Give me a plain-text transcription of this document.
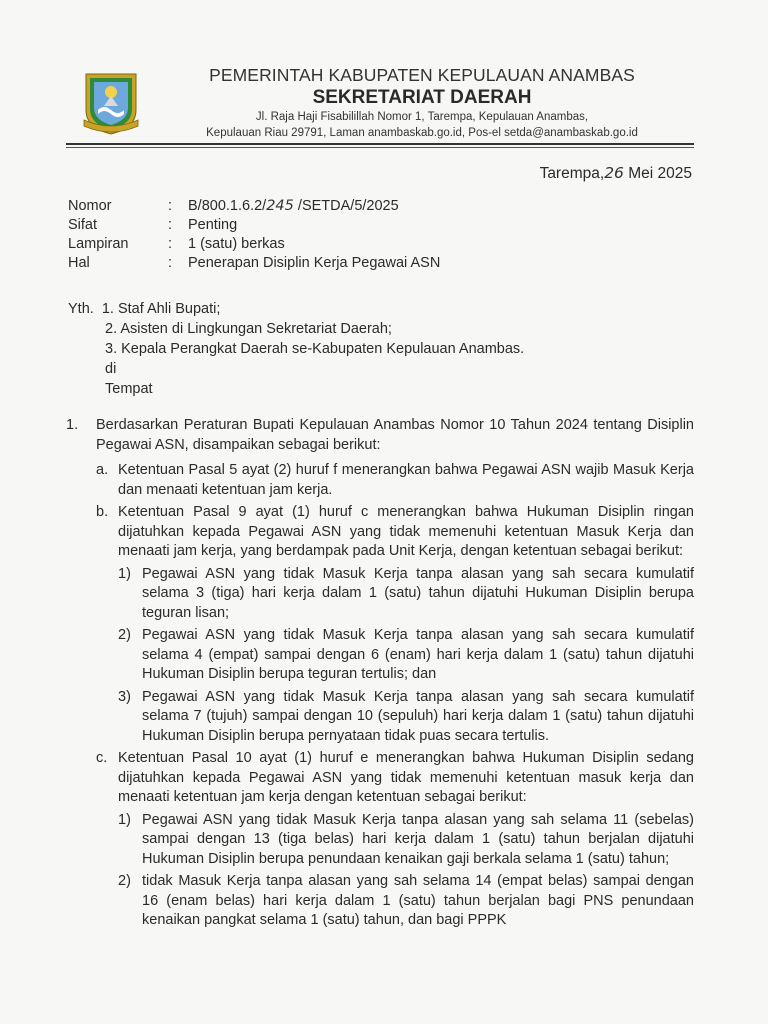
PEMERINTAH KABUPATEN KEPULAUAN ANAMBAS
SEKRETARIAT DAERAH
Jl. Raja Haji Fisabilillah Nomor 1, Tarempa, Kepulauan Anambas,
Kepulauan Riau 29791, Laman anambaskab.go.id, Pos-el setda@anambaskab.go.id
Tarempa,26 Mei 2025
Nomor	:	B/800.1.6.2/245 /SETDA/5/2025
Sifat	:	Penting
Lampiran	:	1 (satu) berkas
Hal	:	Penerapan Disiplin Kerja Pegawai ASN
Yth. 1. Staf Ahli Bupati;
2. Asisten di Lingkungan Sekretariat Daerah;
3. Kepala Perangkat Daerah se-Kabupaten Kepulauan Anambas.
di
Tempat
1.	Berdasarkan Peraturan Bupati Kepulauan Anambas Nomor 10 Tahun 2024 tentang Disiplin Pegawai ASN, disampaikan sebagai berikut:
a. Ketentuan Pasal 5 ayat (2) huruf f menerangkan bahwa Pegawai ASN wajib Masuk Kerja dan menaati ketentuan jam kerja.
b. Ketentuan Pasal 9 ayat (1) huruf c menerangkan bahwa Hukuman Disiplin ringan dijatuhkan kepada Pegawai ASN yang tidak memenuhi ketentuan Masuk Kerja dan menaati jam kerja, yang berdampak pada Unit Kerja, dengan ketentuan sebagai berikut:
1) Pegawai ASN yang tidak Masuk Kerja tanpa alasan yang sah secara kumulatif selama 3 (tiga) hari kerja dalam 1 (satu) tahun dijatuhi Hukuman Disiplin berupa teguran lisan;
2) Pegawai ASN yang tidak Masuk Kerja tanpa alasan yang sah secara kumulatif selama 4 (empat) sampai dengan 6 (enam) hari kerja dalam 1 (satu) tahun dijatuhi Hukuman Disiplin berupa teguran tertulis; dan
3) Pegawai ASN yang tidak Masuk Kerja tanpa alasan yang sah secara kumulatif selama 7 (tujuh) sampai dengan 10 (sepuluh) hari kerja dalam 1 (satu) tahun dijatuhi Hukuman Disiplin berupa pernyataan tidak puas secara tertulis.
c. Ketentuan Pasal 10 ayat (1) huruf e menerangkan bahwa Hukuman Disiplin sedang dijatuhkan kepada Pegawai ASN yang tidak memenuhi ketentuan masuk kerja dan menaati ketentuan jam kerja dengan ketentuan sebagai berikut:
1) Pegawai ASN yang tidak Masuk Kerja tanpa alasan yang sah selama 11 (sebelas) sampai dengan 13 (tiga belas) hari kerja dalam 1 (satu) tahun berjalan dijatuhi Hukuman Disiplin berupa penundaan kenaikan gaji berkala selama 1 (satu) tahun;
2) tidak Masuk Kerja tanpa alasan yang sah selama 14 (empat belas) sampai dengan 16 (enam belas) hari kerja dalam 1 (satu) tahun berjalan bagi PNS penundaan kenaikan pangkat selama 1 (satu) tahun, dan bagi PPPK
